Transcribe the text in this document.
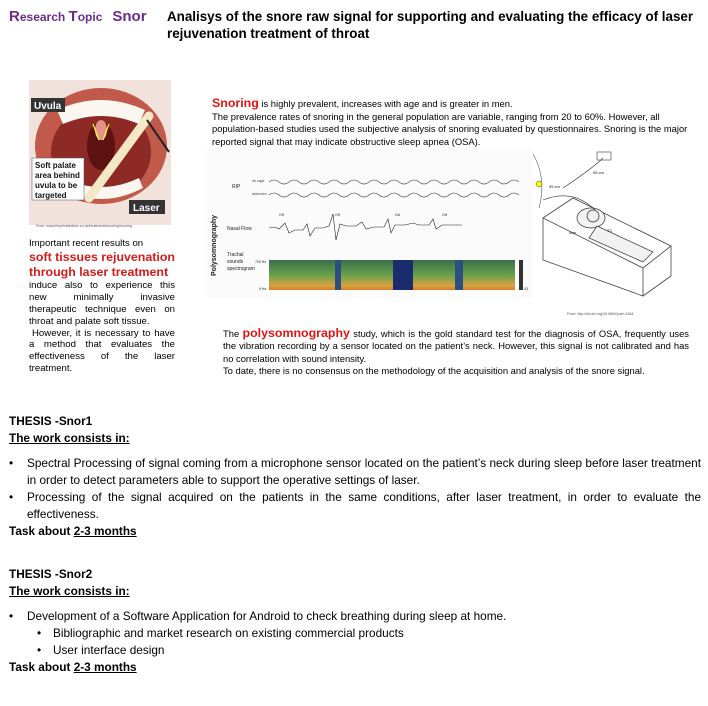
Research Topic Snor Analisys of the snore raw signal for supporting and evaluating the efficacy of laser rejuvenation treatment of throat
Uvula
Soft palate
area behind
uvula to be
targeted
Laser
From: www.theprivateclinic.co.uk/treatments/snoring/snoring

Important recent results on

soft tissues rejuvenation through laser treatment

induce also to experience this new minimally invasive therapeutic technique even on throat and palate soft tissue.

However, it is necessary to have a method that evaluates the effectiveness of the laser treatment.

Snoring is highly prevalent, increases with age and is greater in men.
The prevalence rates of snoring in the general population are variable, ranging from 20 to 60%. However, all population-based studies used the subjective analysis of snoring evaluated by questionnaires. Snoring is the major reported signal that may indicate obstructive sleep apnea (OSA).
Polysomnography
RIP
rib cage
abdomen
Nasal Flow
OH	OH	OA	OH
Trachal
sounds
spectrogram
700 Hz
0 Hz	43
95 cm
95 cm
Arm	T3
From: http://dx.doi.org/10.5664/jcsm.3364

The polysomnography study, which is the gold standard test for the diagnosis of OSA, frequently uses the vibration recording by a sensor located on the patient’s neck. However, this signal is not calibrated and has no correlation with sound intensity.

To date, there is no consensus on the methodology of the acquisition and analysis of the snore signal.

THESIS -Snor1
The work consists in:
• Spectral Processing of signal coming from a microphone sensor located on the patient’s neck during sleep before laser treatment in order to detect parameters able to support the operative settings of laser.
• Processing of the signal acquired on the patients in the same conditions, after laser treatment, in order to evaluate the effectiveness.
Task about 2-3 months
THESIS -Snor2
The work consists in:
• Development of a Software Application for Android to check breathing during sleep at home.
• Bibliographic and market research on existing commercial products
• User interface design
Task about 2-3 months
